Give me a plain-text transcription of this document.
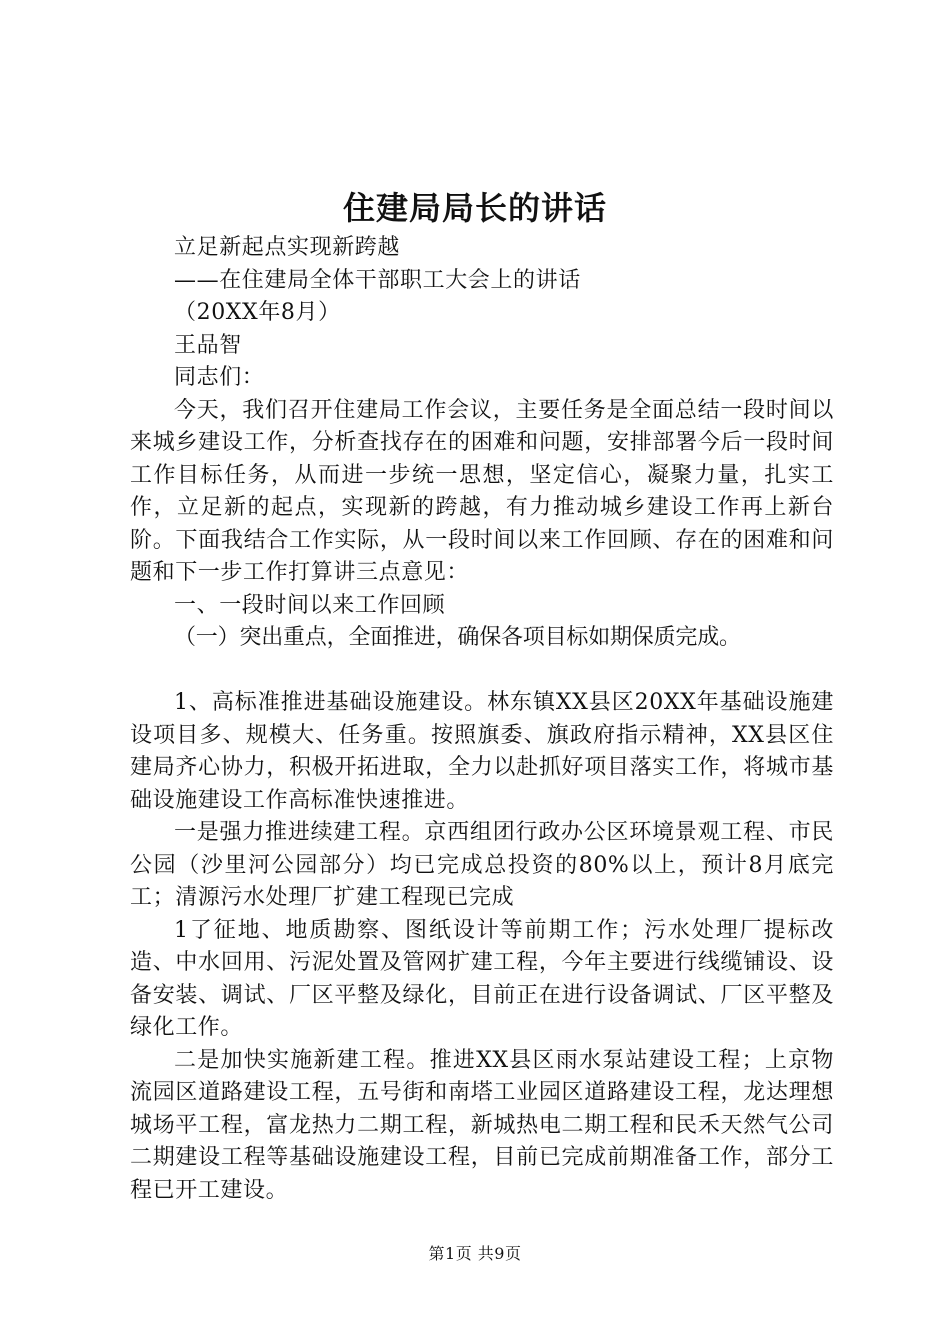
住建局局长的讲话

立足新起点实现新跨越

——在住建局全体干部职工大会上的讲话

（20XX年8月）

王品智

同志们：

今天，我们召开住建局工作会议，主要任务是全面总结一段时间以来城乡建设工作，分析查找存在的困难和问题，安排部署今后一段时间工作目标任务，从而进一步统一思想，坚定信心，凝聚力量，扎实工作，立足新的起点，实现新的跨越，有力推动城乡建设工作再上新台阶。下面我结合工作实际，从一段时间以来工作回顾、存在的困难和问题和下一步工作打算讲三点意见：

一、一段时间以来工作回顾

（一）突出重点，全面推进，确保各项目标如期保质完成。

1、高标准推进基础设施建设。林东镇XX县区20XX年基础设施建设项目多、规模大、任务重。按照旗委、旗政府指示精神，XX县区住建局齐心协力，积极开拓进取，全力以赴抓好项目落实工作，将城市基础设施建设工作高标准快速推进。

一是强力推进续建工程。京西组团行政办公区环境景观工程、市民公园（沙里河公园部分）均已完成总投资的80%以上，预计8月底完工；清源污水处理厂扩建工程现已完成

1了征地、地质勘察、图纸设计等前期工作；污水处理厂提标改造、中水回用、污泥处置及管网扩建工程，今年主要进行线缆铺设、设备安装、调试、厂区平整及绿化，目前正在进行设备调试、厂区平整及绿化工作。

二是加快实施新建工程。推进XX县区雨水泵站建设工程；上京物流园区道路建设工程，五号街和南塔工业园区道路建设工程，龙达理想城场平工程，富龙热力二期工程，新城热电二期工程和民禾天然气公司二期建设工程等基础设施建设工程，目前已完成前期准备工作，部分工程已开工建设。

第1页 共9页
